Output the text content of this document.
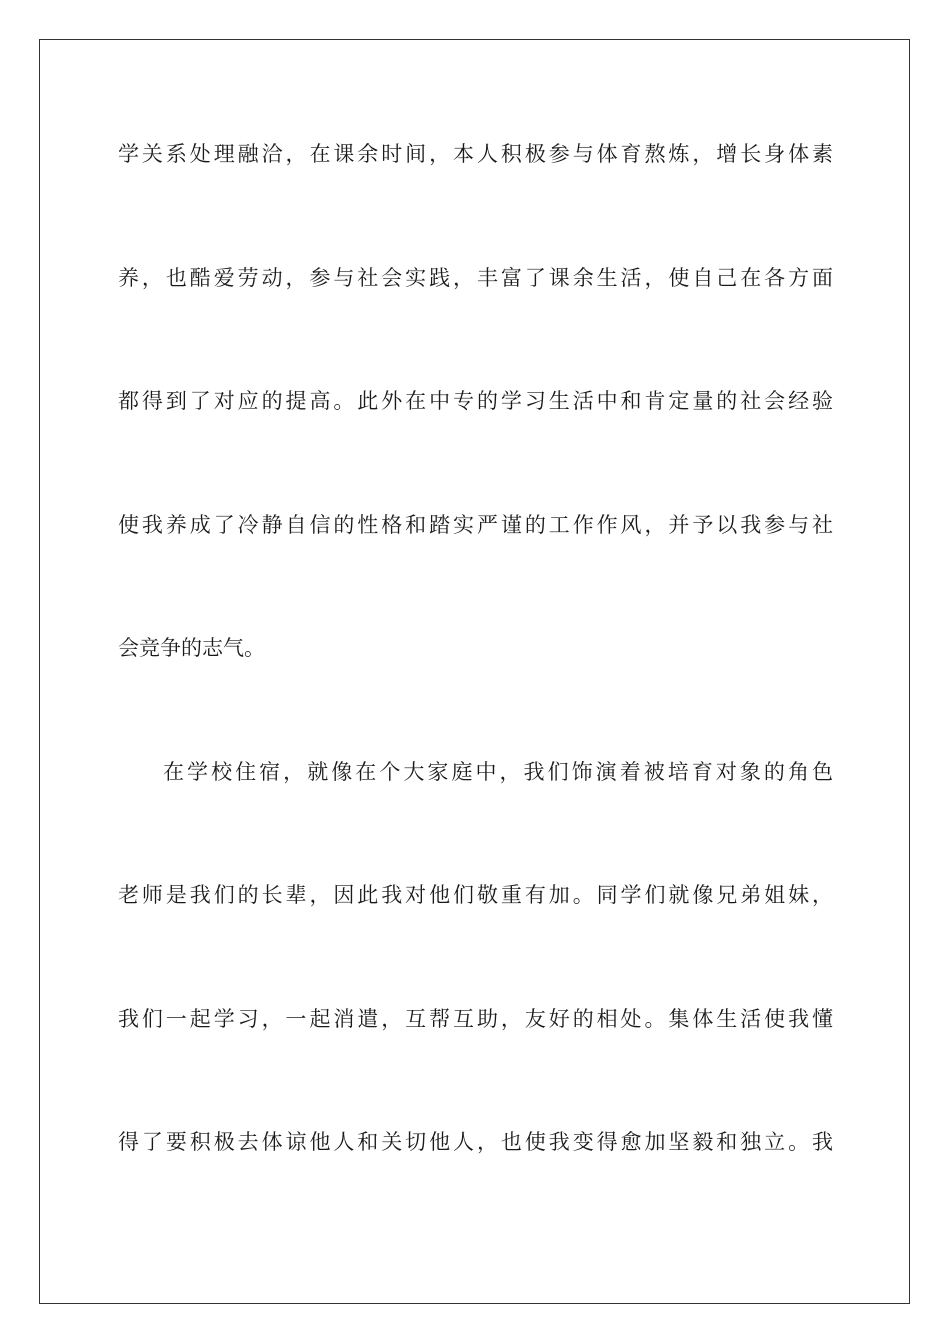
学关系处理融洽，在课余时间，本人积极参与体育熬炼，增长身体素
养，也酷爱劳动，参与社会实践，丰富了课余生活，使自己在各方面
都得到了对应的提高。此外在中专的学习生活中和肯定量的社会经验
使我养成了冷静自信的性格和踏实严谨的工作作风，并予以我参与社
会竞争的志气。
在学校住宿，就像在个大家庭中，我们饰演着被培育对象的角色
老师是我们的长辈，因此我对他们敬重有加。同学们就像兄弟姐妹，
我们一起学习，一起消遣，互帮互助，友好的相处。集体生活使我懂
得了要积极去体谅他人和关切他人，也使我变得愈加坚毅和独立。我
